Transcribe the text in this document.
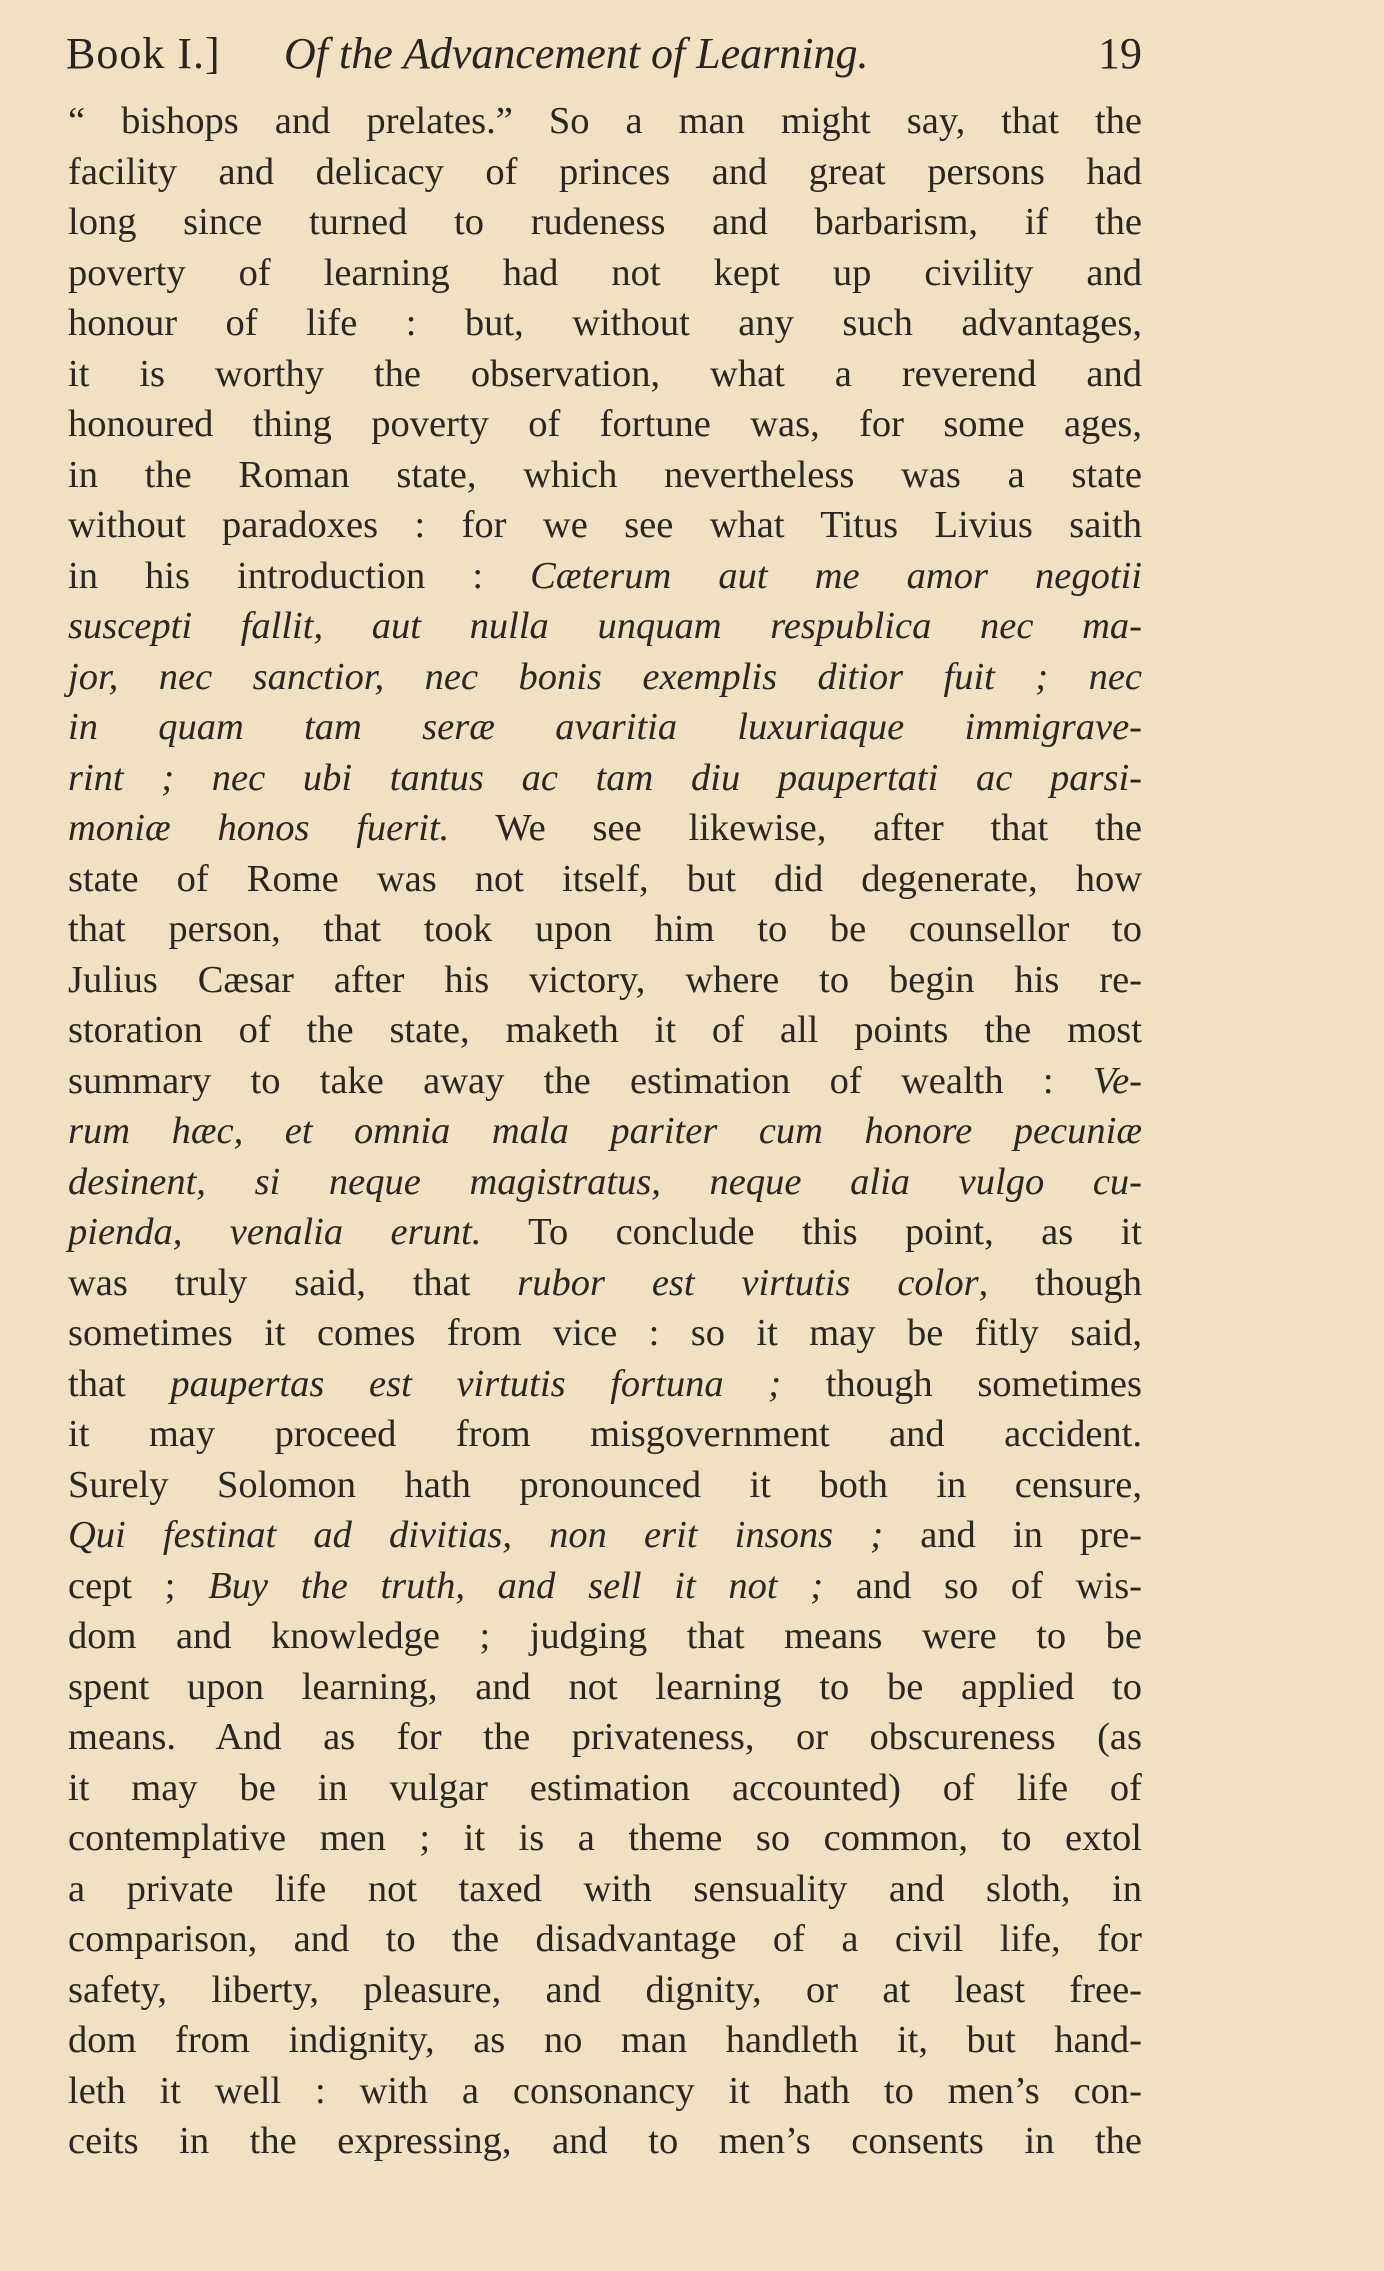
Book I.] Of the Advancement of Learning.	19
“ bishops and prelates.” So a man might say, that the
facility and delicacy of princes and great persons had
long since turned to rudeness and barbarism, if the
poverty of learning had not kept up civility and
honour of life : but, without any such advantages,
it is worthy the observation, what a reverend and
honoured thing poverty of fortune was, for some ages,
in the Roman state, which nevertheless was a state
without paradoxes : for we see what Titus Livius saith
in his introduction : Cæterum aut me amor negotii
suscepti fallit, aut nulla unquam respublica nec ma-
jor, nec sanctior, nec bonis exemplis ditior fuit ; nec
in quam tam seræ avaritia luxuriaque immigrave-
rint ; nec ubi tantus ac tam diu paupertati ac parsi-
moniæ honos fuerit. We see likewise, after that the
state of Rome was not itself, but did degenerate, how
that person, that took upon him to be counsellor to
Julius Cæsar after his victory, where to begin his re-
storation of the state, maketh it of all points the most
summary to take away the estimation of wealth : Ve-
rum hæc, et omnia mala pariter cum honore pecuniæ
desinent, si neque magistratus, neque alia vulgo cu-
pienda, venalia erunt. To conclude this point, as it
was truly said, that rubor est virtutis color, though
sometimes it comes from vice : so it may be fitly said,
that paupertas est virtutis fortuna ; though sometimes
it may proceed from misgovernment and accident.
Surely Solomon hath pronounced it both in censure,
Qui festinat ad divitias, non erit insons ; and in pre-
cept ; Buy the truth, and sell it not ; and so of wis-
dom and knowledge ; judging that means were to be
spent upon learning, and not learning to be applied to
means. And as for the privateness, or obscureness (as
it may be in vulgar estimation accounted) of life of
contemplative men ; it is a theme so common, to extol
a private life not taxed with sensuality and sloth, in
comparison, and to the disadvantage of a civil life, for
safety, liberty, pleasure, and dignity, or at least free-
dom from indignity, as no man handleth it, but hand-
leth it well : with a consonancy it hath to men’s con-
ceits in the expressing, and to men’s consents in the
